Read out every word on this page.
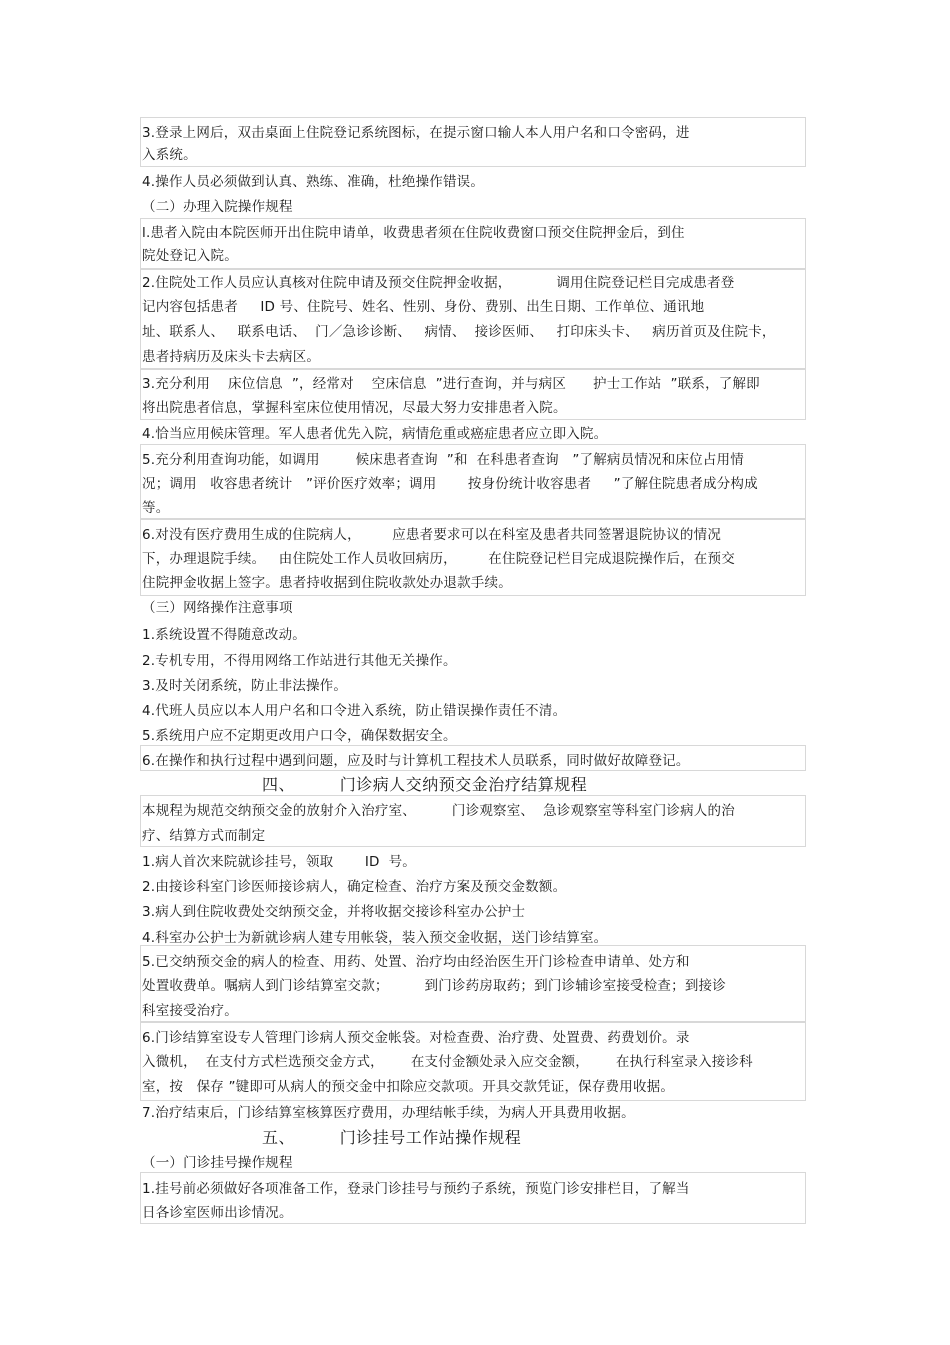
3.登录上网后，双击桌面上住院登记系统图标，在提示窗口输人本人用户名和口令密码，进
入系统。
4.操作人员必须做到认真、熟练、准确，杜绝操作错误。
（二）办理入院操作规程
l.患者入院由本院医师开出住院申请单，收费患者须在住院收费窗口预交住院押金后，到住
院处登记入院。
2.住院处工作人员应认真核对住院申请及预交住院押金收据，          调用住院登记栏目完成患者登
记内容包括患者     ID 号、住院号、姓名、性别、身份、费别、出生日期、工作单位、通讯地
址、联系人、   联系电话、  门／急诊诊断、   病情、  接诊医师、   打印床头卡、   病历首页及住院卡，
患者持病历及床头卡去病区。
3.充分利用    床位信息  ”，经常对    空床信息  ”进行查询，并与病区      护士工作站  ”联系，了解即
将出院患者信息，掌握科室床位使用情况，尽最大努力安排患者入院。
4.恰当应用候床管理。军人患者优先入院，病情危重或癌症患者应立即入院。
5.充分利用查询功能，如调用        候床患者查询  ”和  在科患者查询   ”了解病员情况和床位占用情
况；调用   收容患者统计   ”评价医疗效率；调用       按身份统计收容患者     ”了解住院患者成分构成
等。
6.对没有医疗费用生成的住院病人，       应患者要求可以在科室及患者共同签署退院协议的情况
下，办理退院手续。   由住院处工作人员收回病历，       在住院登记栏目完成退院操作后，在预交
住院押金收据上签字。患者持收据到住院收款处办退款手续。
（三）网络操作注意事项
1.系统设置不得随意改动。
2.专机专用，不得用网络工作站进行其他无关操作。
3.及时关闭系统，防止非法操作。
4.代班人员应以本人用户名和口令进入系统，防止错误操作责任不清。
5.系统用户应不定期更改用户口令，确保数据安全。
6.在操作和执行过程中遇到问题，应及时与计算机工程技术人员联系，同时做好故障登记。
四、        门诊病人交纳预交金治疗结算规程
本规程为规范交纳预交金的放射介入治疗室、        门诊观察室、  急诊观察室等科室门诊病人的治
疗、结算方式而制定
1.病人首次来院就诊挂号，领取       ID  号。
2.由接诊科室门诊医师接诊病人，确定检查、治疗方案及预交金数额。
3.病人到住院收费处交纳预交金，并将收据交接诊科室办公护士
4.科室办公护士为新就诊病人建专用帐袋，装入预交金收据，送门诊结算室。
5.已交纳预交金的病人的检查、用药、处置、治疗均由经治医生开门诊检查申请单、处方和
处置收费单。嘱病人到门诊结算室交款；        到门诊药房取药；到门诊辅诊室接受检查；到接诊
科室接受治疗。
6.门诊结算室设专人管理门诊病人预交金帐袋。对检查费、治疗费、处置费、药费划价。录
入微机，  在支付方式栏选预交金方式，      在支付金额处录入应交金额，      在执行科室录入接诊科
室，按   保存 ”键即可从病人的预交金中扣除应交款项。开具交款凭证，保存费用收据。
7.治疗结束后，门诊结算室核算医疗费用，办理结帐手续，为病人开具费用收据。
五、        门诊挂号工作站操作规程
（一）门诊挂号操作规程
1.挂号前必须做好各项准备工作，登录门诊挂号与预约子系统，预览门诊安排栏目，了解当
日各诊室医师出诊情况。
